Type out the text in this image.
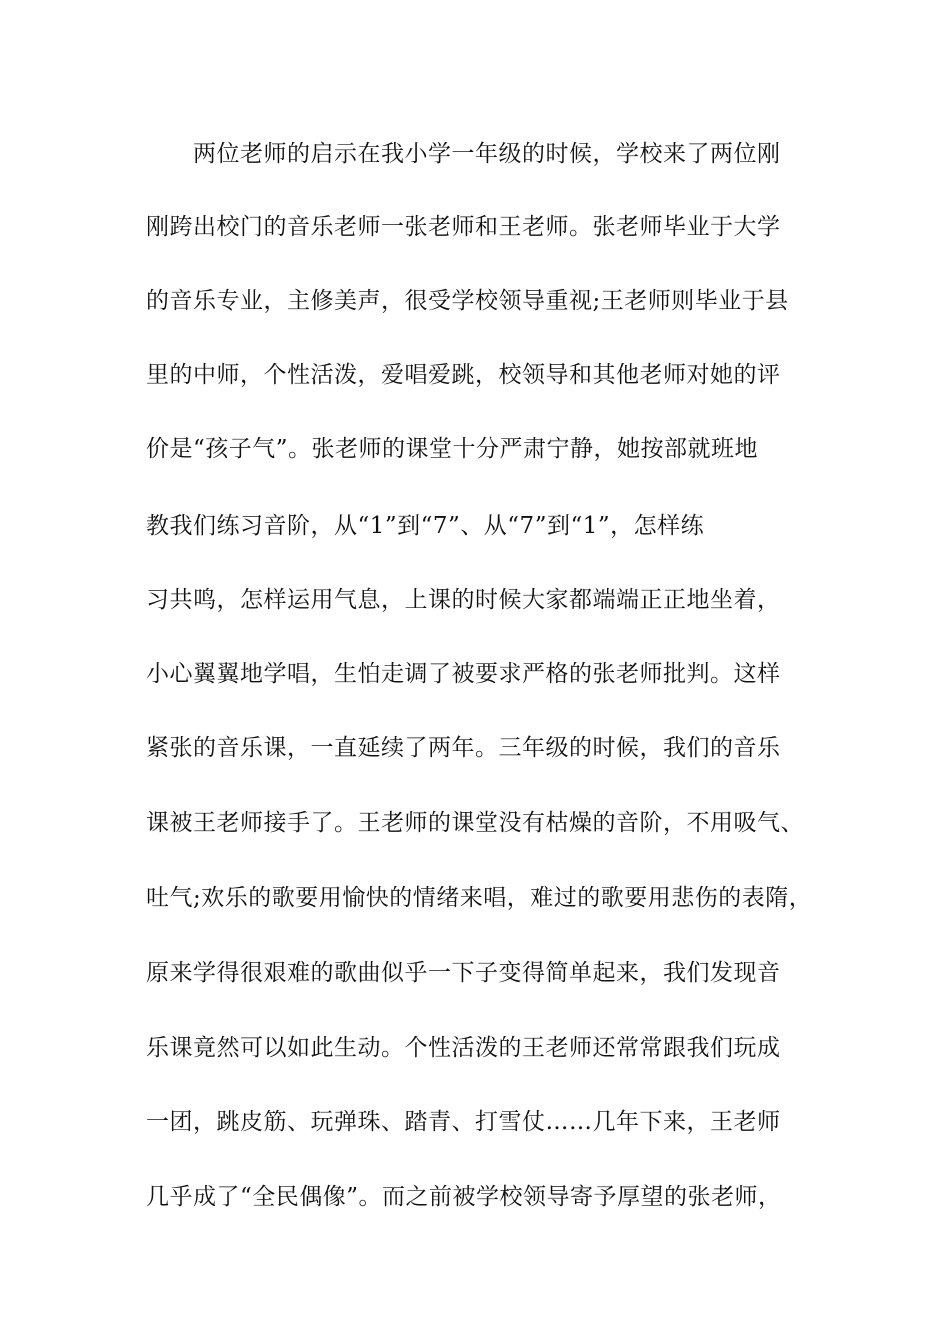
两位老师的启示在我小学一年级的时候，学校来了两位刚
刚跨出校门的音乐老师一张老师和王老师。张老师毕业于大学
的音乐专业，主修美声，很受学校领导重视;王老师则毕业于县
里的中师，个性活泼，爱唱爱跳，校领导和其他老师对她的评
价是“孩子气”。张老师的课堂十分严肃宁静，她按部就班地
教我们练习音阶，从“1”到“7”、从“7”到“1”，怎样练
习共鸣，怎样运用气息，上课的时候大家都端端正正地坐着，
小心翼翼地学唱，生怕走调了被要求严格的张老师批判。这样
紧张的音乐课，一直延续了两年。三年级的时候，我们的音乐
课被王老师接手了。王老师的课堂没有枯燥的音阶，不用吸气、
吐气;欢乐的歌要用愉快的情绪来唱，难过的歌要用悲伤的表隋，
原来学得很艰难的歌曲似乎一下子变得简单起来，我们发现音
乐课竟然可以如此生动。个性活泼的王老师还常常跟我们玩成
一团，跳皮筋、玩弹珠、踏青、打雪仗……几年下来，王老师
几乎成了“全民偶像”。而之前被学校领导寄予厚望的张老师，
